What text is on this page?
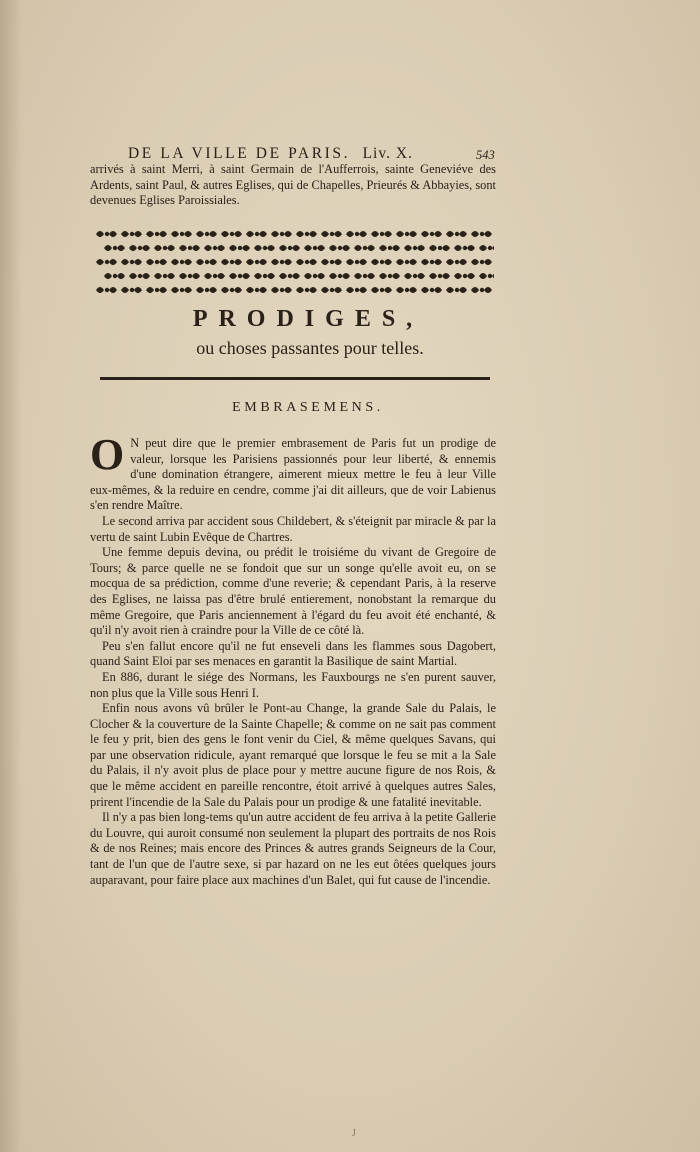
DE LA VILLE DE PARIS. Liv. X.	543
arrivés à saint Merri, à saint Germain de l'Aufferrois, sainte Geneviéve des Ardents, saint Paul, & autres Eglises, qui de Chapelles, Prieurés & Abbayies, sont devenues Eglises Paroissiales.
PRODIGES,
ou choses passantes pour telles.
EMBRASEMENS.

O N peut dire que le premier embrasement de Paris fut un prodige de valeur, lorsque les Parisiens passionnés pour leur liberté, & ennemis d'une domination étrangere, aimerent mieux mettre le feu à leur Ville eux-mêmes, & la reduire en cendre, comme j'ai dit ailleurs, que de voir Labienus s'en rendre Maître.

Le second arriva par accident sous Childebert, & s'éteignit par miracle & par la vertu de saint Lubin Evêque de Chartres.

Une femme depuis devina, ou prédit le troisiéme du vivant de Gregoire de Tours; & parce quelle ne se fondoit que sur un songe qu'elle avoit eu, on se mocqua de sa prédiction, comme d'une reverie; & cependant Paris, à la reserve des Eglises, ne laissa pas d'être brulé entierement, nonobstant la remarque du même Gregoire, que Paris anciennement à l'égard du feu avoit été enchanté, & qu'il n'y avoit rien à craindre pour la Ville de ce côté là.

Peu s'en fallut encore qu'il ne fut enseveli dans les flammes sous Dagobert, quand Saint Eloi par ses menaces en garantit la Basilique de saint Martial.

En 886, durant le siége des Normans, les Fauxbourgs ne s'en purent sauver, non plus que la Ville sous Henri I.

Enfin nous avons vû brûler le Pont-au Change, la grande Sale du Palais, le Clocher & la couverture de la Sainte Chapelle; & comme on ne sait pas comment le feu y prit, bien des gens le font venir du Ciel, & même quelques Savans, qui par une observation ridicule, ayant remarqué que lorsque le feu se mit a la Sale du Palais, il n'y avoit plus de place pour y mettre aucune figure de nos Rois, & que le même accident en pareille rencontre, étoit arrivé à quelques autres Sales, prirent l'incendie de la Sale du Palais pour un prodige & une fatalité inevitable.

Il n'y a pas bien long-tems qu'un autre accident de feu arriva à la petite Gallerie du Louvre, qui auroit consumé non seulement la plupart des portraits de nos Rois & de nos Reines; mais encore des Princes & autres grands Seigneurs de la Cour, tant de l'un que de l'autre sexe, si par hazard on ne les eut ôtées quelques jours auparavant, pour faire place aux machines d'un Balet, qui fut cause de l'incendie.

J
